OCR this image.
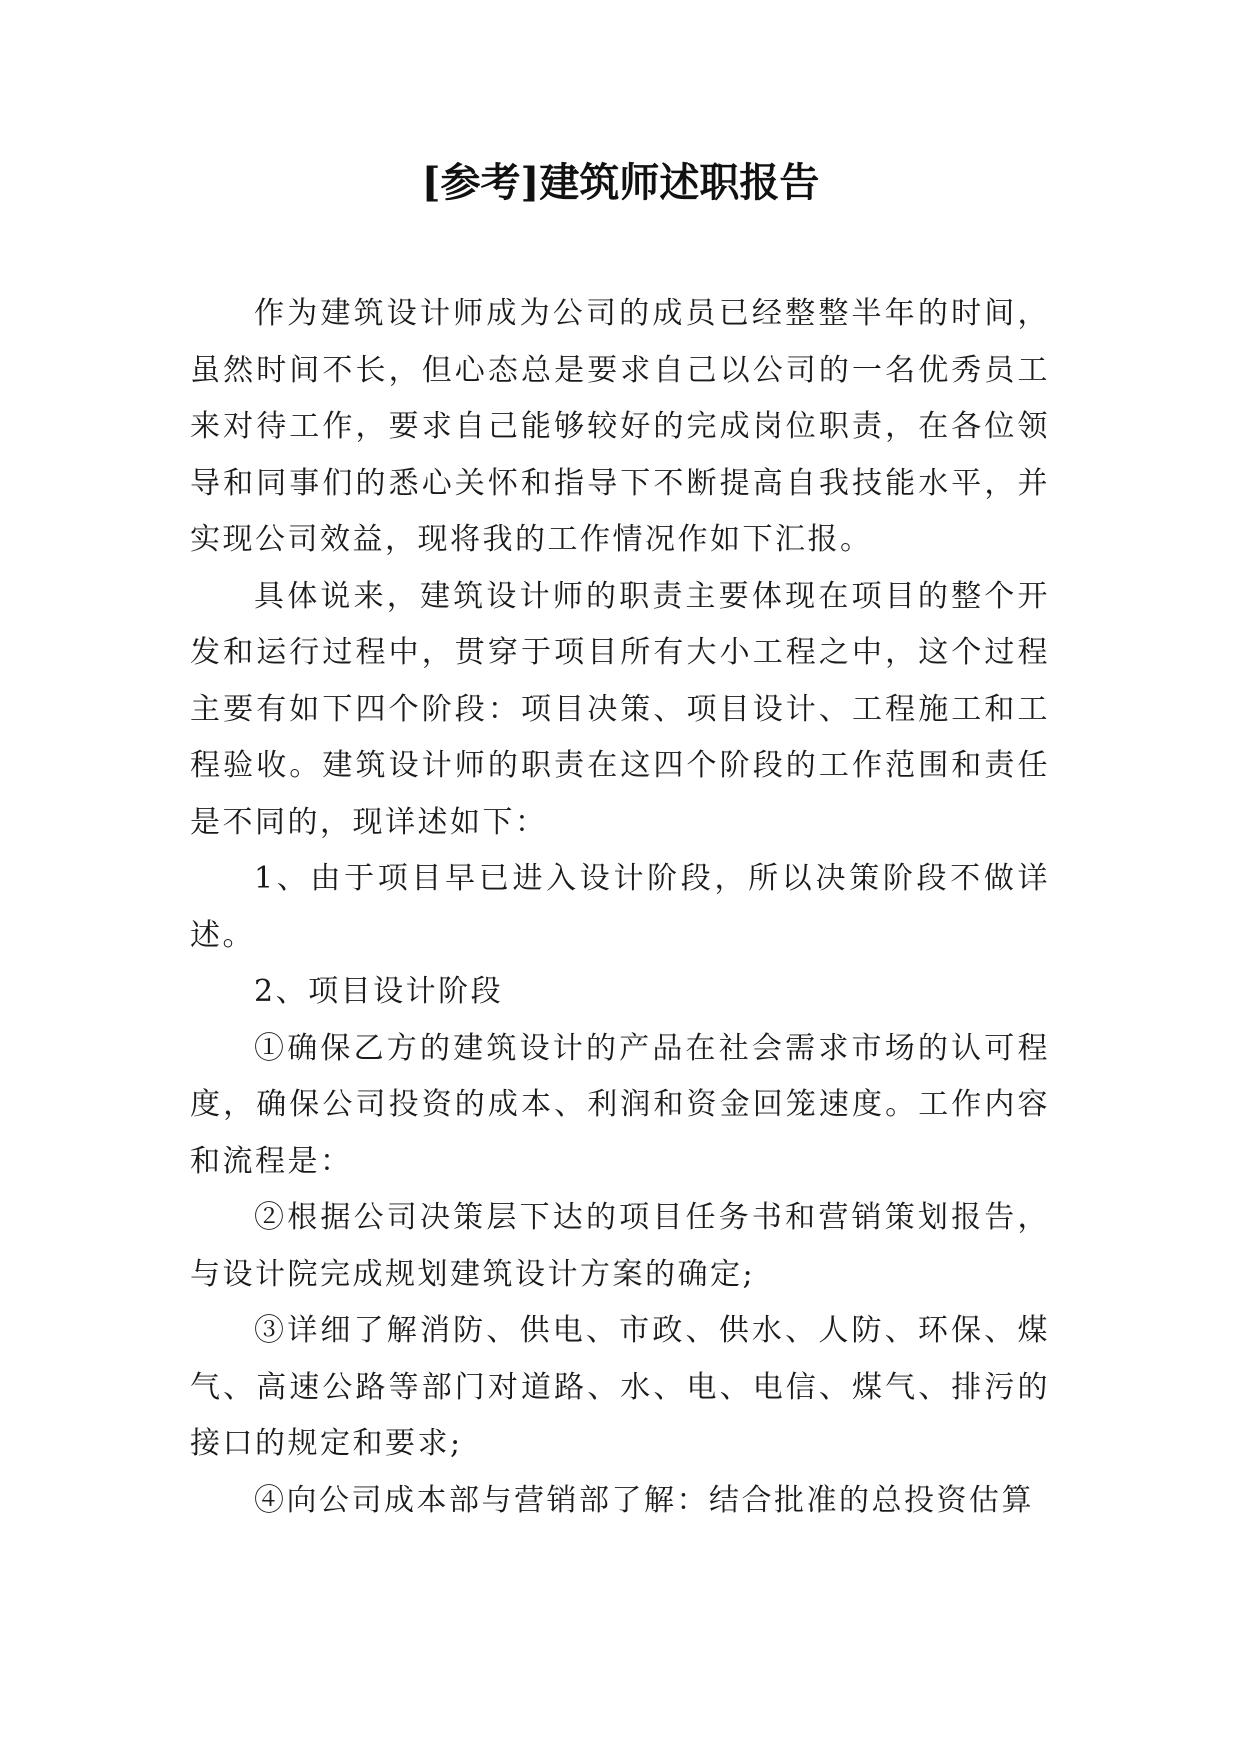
[参考]建筑师述职报告

作为建筑设计师成为公司的成员已经整整半年的时间，虽然时间不长，但心态总是要求自己以公司的一名优秀员工来对待工作，要求自己能够较好的完成岗位职责，在各位领导和同事们的悉心关怀和指导下不断提高自我技能水平，并实现公司效益，现将我的工作情况作如下汇报。

具体说来，建筑设计师的职责主要体现在项目的整个开发和运行过程中，贯穿于项目所有大小工程之中，这个过程主要有如下四个阶段：项目决策、项目设计、工程施工和工程验收。建筑设计师的职责在这四个阶段的工作范围和责任是不同的，现详述如下：

1、由于项目早已进入设计阶段，所以决策阶段不做详述。

2、项目设计阶段

①确保乙方的建筑设计的产品在社会需求市场的认可程度，确保公司投资的成本、利润和资金回笼速度。工作内容和流程是：

②根据公司决策层下达的项目任务书和营销策划报告，与设计院完成规划建筑设计方案的确定;

③详细了解消防、供电、市政、供水、人防、环保、煤气、高速公路等部门对道路、水、电、电信、煤气、排污的接口的规定和要求;

④向公司成本部与营销部了解：结合批准的总投资估算
